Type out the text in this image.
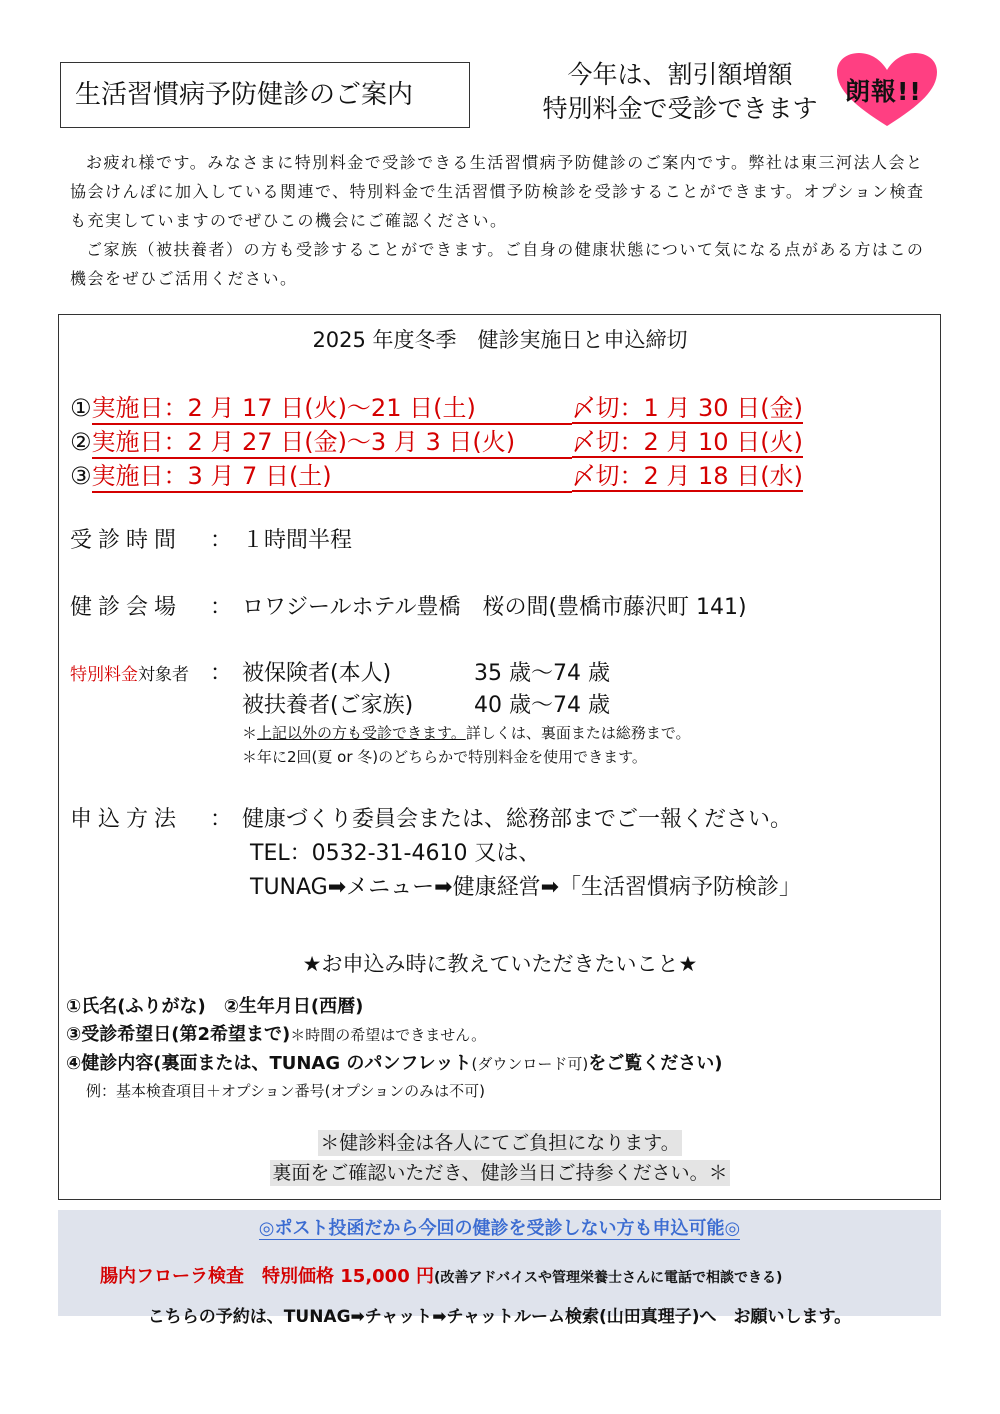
生活習慣病予防健診のご案内
今年は、割引額増額
特別料金で受診できます
朗報!!

お疲れ様です。みなさまに特別料金で受診できる生活習慣病予防健診のご案内です。弊社は東三河法人会と協会けんぽに加入している関連で、特別料金で生活習慣予防検診を受診することができます。オプション検査も充実していますのでぜひこの機会にご確認ください。

ご家族（被扶養者）の方も受診することができます。ご自身の健康状態について気になる点がある方はこの機会をぜひご活用ください。

2025 年度冬季　健診実施日と申込締切
①実施日：2 月 17 日(火)～21 日(土)	〆切：1 月 30 日(金)
②実施日：2 月 27 日(金)～3 月 3 日(火) 〆切：2 月 10 日(火)
③実施日：3 月 7 日(土)	〆切：2 月 18 日(水)
受診時間 ： １時間半程
健診会場 ： ロワジールホテル豊橋　桜の間(豊橋市藤沢町 141)
特別料金対象者 ： 被保険者(本人)	35 歳～74 歳
被扶養者(ご家族)	40 歳～74 歳
＊上記以外の方も受診できます。詳しくは、裏面または総務まで。
＊年に2回(夏 or 冬)のどちらかで特別料金を使用できます。
申込方法 ： 健康づくり委員会または、総務部までご一報ください。
TEL：0532-31-4610 又は、
TUNAG➡メニュー➡健康経営➡「生活習慣病予防検診」
★お申込み時に教えていただきたいこと★
①氏名(ふりがな)　②生年月日(西暦)
③受診希望日(第2希望まで)＊時間の希望はできません。
④健診内容(裏面または、TUNAG のパンフレット(ダウンロード可)をご覧ください)
例：基本検査項目＋オプション番号(オプションのみは不可)
＊健診料金は各人にてご負担になります。
裏面をご確認いただき、健診当日ご持参ください。＊
◎ポスト投函だから今回の健診を受診しない方も申込可能◎
腸内フローラ検査　特別価格 15,000 円(改善アドバイスや管理栄養士さんに電話で相談できる)
こちらの予約は、TUNAG➡チャット➡チャットルーム検索(山田真理子)へ　お願いします。
